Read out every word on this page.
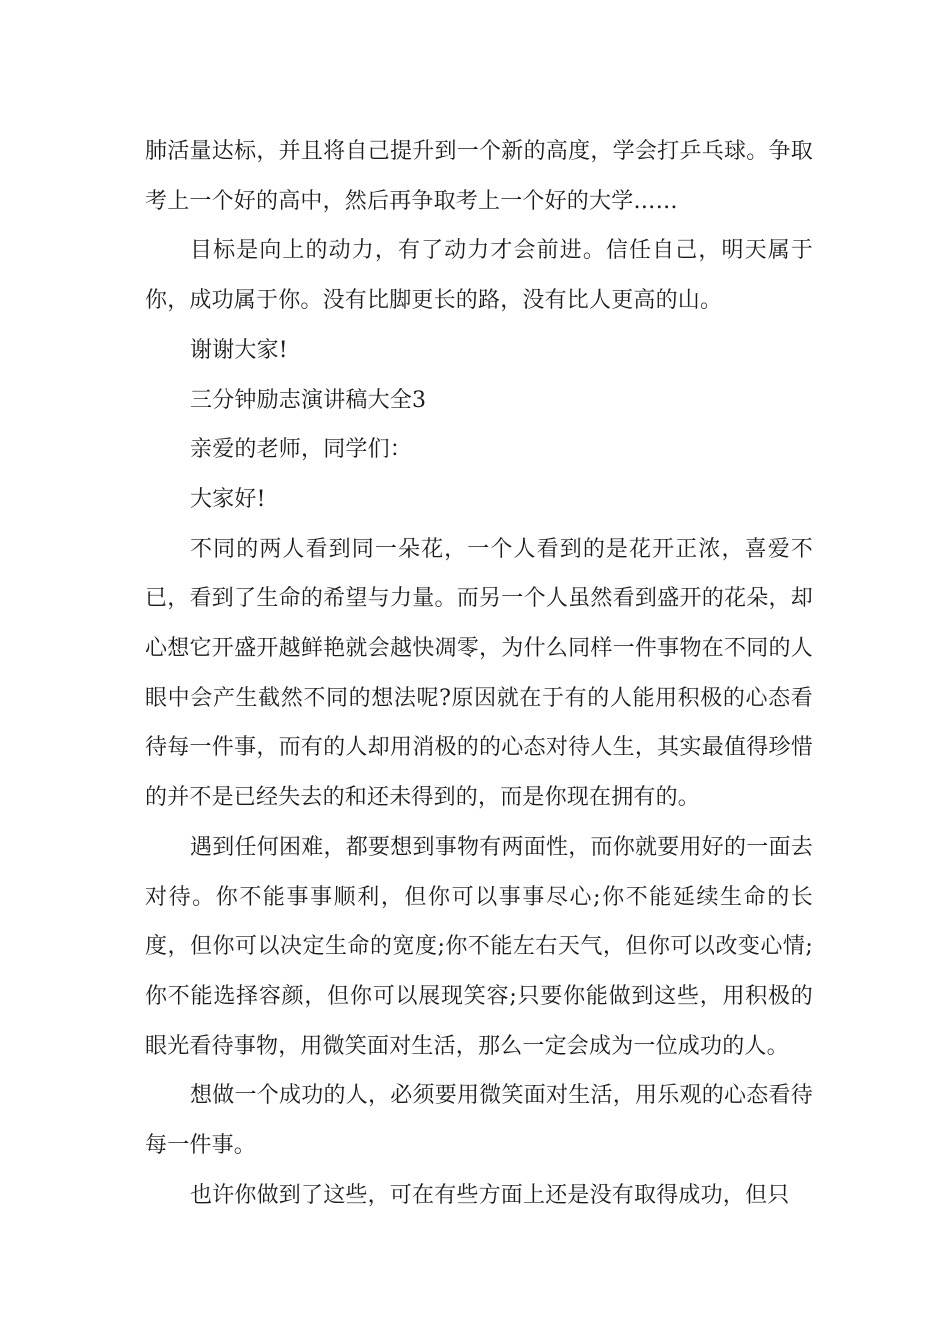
肺活量达标，并且将自己提升到一个新的高度，学会打乒乓球。争取考上一个好的高中，然后再争取考上一个好的大学……

目标是向上的动力，有了动力才会前进。信任自己，明天属于你，成功属于你。没有比脚更长的路，没有比人更高的山。

谢谢大家!

三分钟励志演讲稿大全3

亲爱的老师，同学们：

大家好!

不同的两人看到同一朵花，一个人看到的是花开正浓，喜爱不已，看到了生命的希望与力量。而另一个人虽然看到盛开的花朵，却心想它开盛开越鲜艳就会越快凋零，为什么同样一件事物在不同的人眼中会产生截然不同的想法呢?原因就在于有的人能用积极的心态看待每一件事，而有的人却用消极的的心态对待人生，其实最值得珍惜的并不是已经失去的和还未得到的，而是你现在拥有的。

遇到任何困难，都要想到事物有两面性，而你就要用好的一面去对待。你不能事事顺利，但你可以事事尽心;你不能延续生命的长度，但你可以决定生命的宽度;你不能左右天气，但你可以改变心情;你不能选择容颜，但你可以展现笑容;只要你能做到这些，用积极的眼光看待事物，用微笑面对生活，那么一定会成为一位成功的人。

想做一个成功的人，必须要用微笑面对生活，用乐观的心态看待每一件事。

也许你做到了这些，可在有些方面上还是没有取得成功，但只
